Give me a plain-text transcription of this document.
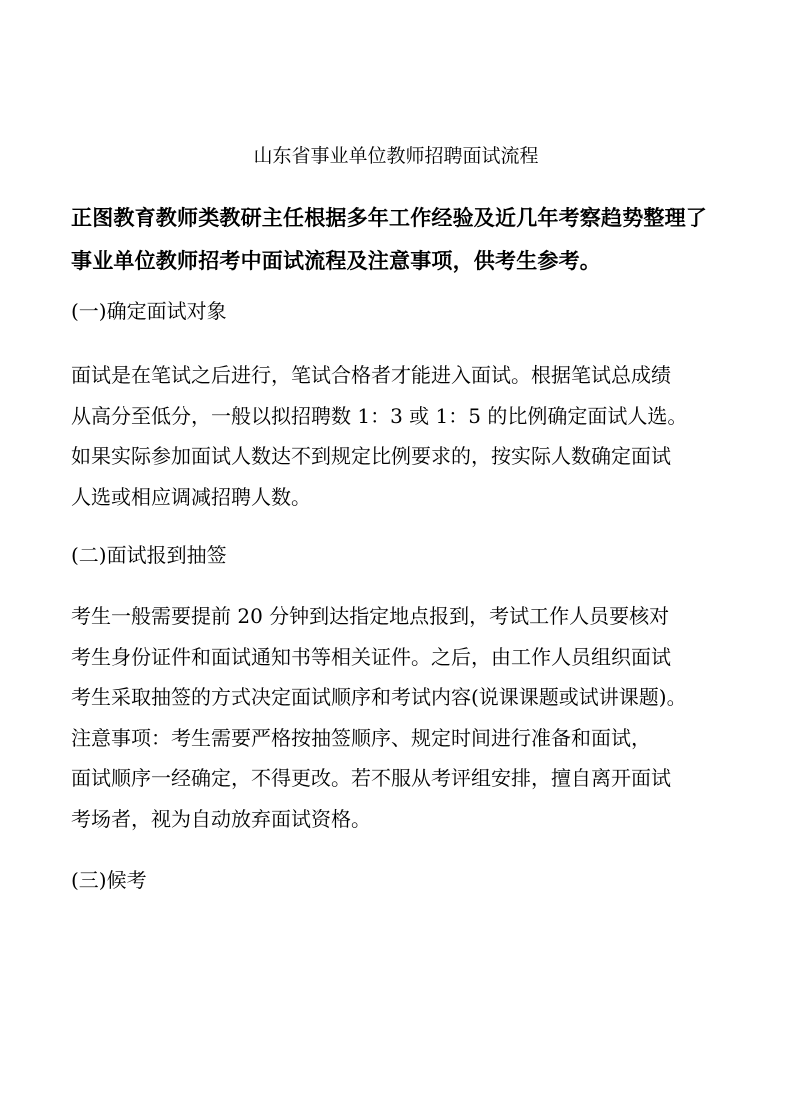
山东省事业单位教师招聘面试流程

正图教育教师类教研主任根据多年工作经验及近几年考察趋势整理了事业单位教师招考中面试流程及注意事项，供考生参考。

(一)确定面试对象
面试是在笔试之后进行，笔试合格者才能进入面试。根据笔试总成绩
从高分至低分，一般以拟招聘数 1：3 或 1：5 的比例确定面试人选。
如果实际参加面试人数达不到规定比例要求的，按实际人数确定面试
人选或相应调减招聘人数。
(二)面试报到抽签
考生一般需要提前 20 分钟到达指定地点报到，考试工作人员要核对
考生身份证件和面试通知书等相关证件。之后，由工作人员组织面试
考生采取抽签的方式决定面试顺序和考试内容(说课课题或试讲课题)。
注意事项：考生需要严格按抽签顺序、规定时间进行准备和面试，
面试顺序一经确定，不得更改。若不服从考评组安排，擅自离开面试
考场者，视为自动放弃面试资格。
(三)候考
